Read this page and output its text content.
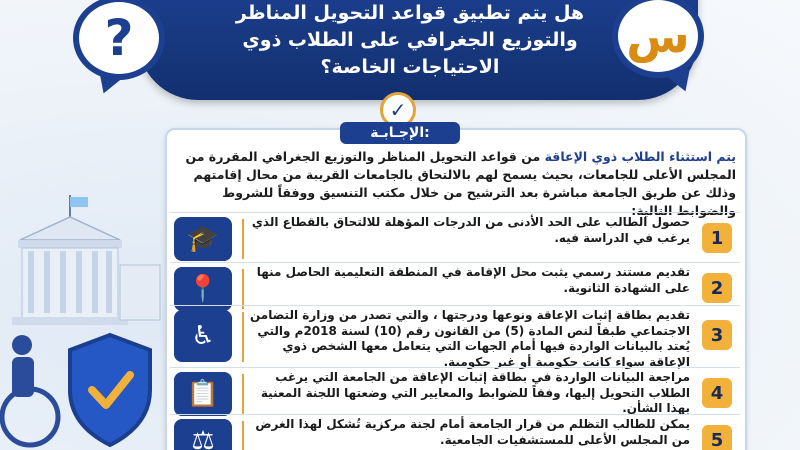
?	هل يتم تطبيق قواعد التحويل المناظر والتوزيع الجغرافي على الطلاب ذوي الاحتياجات الخاصة؟
س
✓
الإجـابـة:
يتم استثناء الطلاب ذوي الإعاقة من قواعد التحويل المناظر والتوزيع الجغرافي المقررة من المجلس الأعلى للجامعات، بحيث يسمح لهم بالالتحاق بالجامعات القريبة من محال إقامتهم وذلك عن طريق الجامعة مباشرة بعد الترشيح من خلال مكتب التنسيق ووفقاً للشروط والضوابط التالية:
🎓
حصول الطالب على الحد الأدنى من الدرجات المؤهلة للالتحاق بالقطاع الذي يرغب في الدراسة فيه.	1
📍
تقديم مستند رسمي يثبت محل الإقامة في المنطقة التعليمية الحاصل منها على الشهادة الثانوية.	2
♿
تقديم بطاقة إثبات الإعاقة ونوعها ودرجتها ، والتي تصدر من وزارة التضامن الاجتماعي طبقاً لنص المادة (5) من القانون رقم (10) لسنة 2018م والتي يُعتد بالبيانات الواردة فيها أمام الجهات التي يتعامل معها الشخص ذوي الإعاقة سواء كانت حكومية أو غير حكومية.
3
📋
مراجعة البيانات الواردة في بطاقة إثبات الإعاقة من الجامعة التي يرغب الطلاب التحويل إليها، وفقاً للضوابط والمعايير التي وضعتها اللجنة المعنية بهذا الشأن.
4
⚖
يمكن للطالب التظلم من قرار الجامعة أمام لجنة مركزية تُشكل لهذا الغرض من المجلس الأعلى للمستشفيات الجامعية.	5
